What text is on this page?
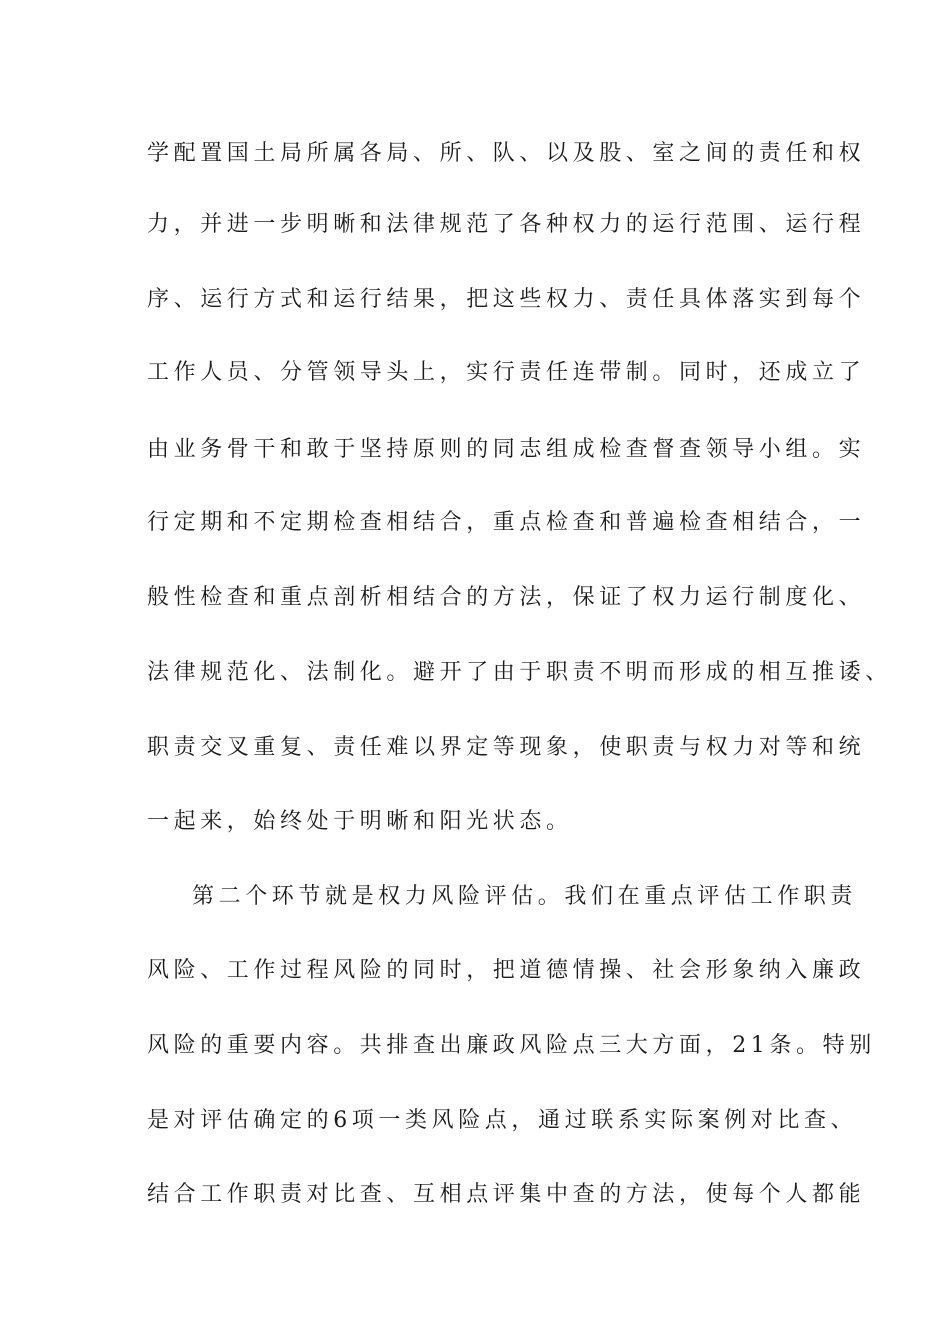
学配置国土局所属各局、所、队、以及股、室之间的责任和权
力，并进一步明晰和法律规范了各种权力的运行范围、运行程
序、运行方式和运行结果，把这些权力、责任具体落实到每个
工作人员、分管领导头上，实行责任连带制。同时，还成立了
由业务骨干和敢于坚持原则的同志组成检查督查领导小组。实
行定期和不定期检查相结合，重点检查和普遍检查相结合，一
般性检查和重点剖析相结合的方法，保证了权力运行制度化、
法律规范化、法制化。避开了由于职责不明而形成的相互推诿、
职责交叉重复、责任难以界定等现象，使职责与权力对等和统
一起来，始终处于明晰和阳光状态。
第二个环节就是权力风险评估。我们在重点评估工作职责
风险、工作过程风险的同时，把道德情操、社会形象纳入廉政
风险的重要内容。共排查出廉政风险点三大方面，21条。特别
是对评估确定的6项一类风险点，通过联系实际案例对比查、
结合工作职责对比查、互相点评集中查的方法，使每个人都能
